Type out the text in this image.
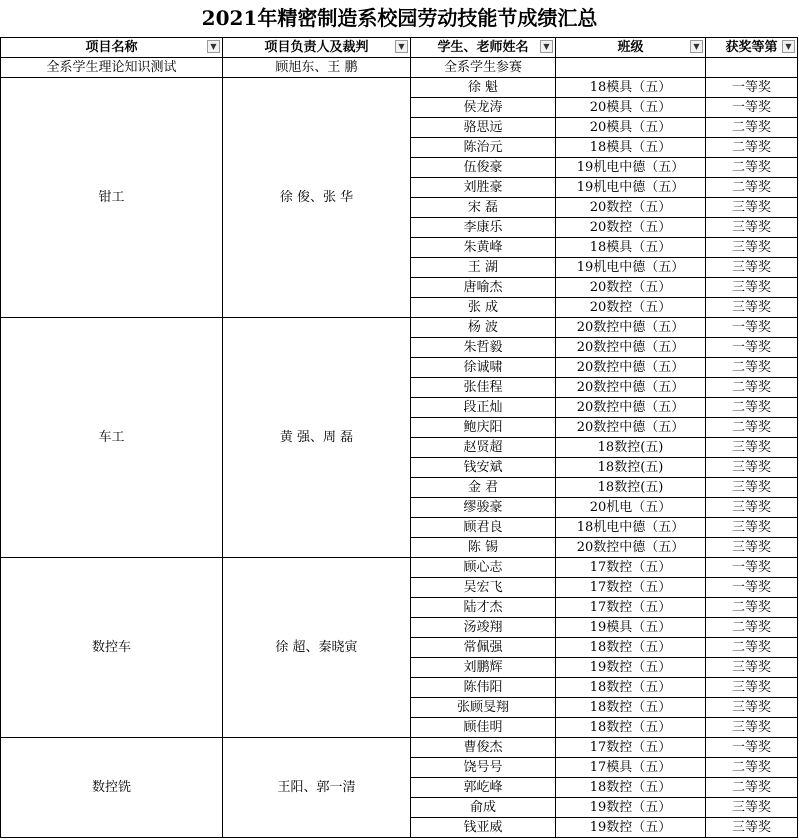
2021年精密制造系校园劳动技能节成绩汇总
项目名称 ▼	项目负责人及裁判 ▼	学生、老师姓名 ▼	班级 ▼	获奖等第 ▼

全系学生理论知识测试	顾旭东、王 鹏	全系学生参赛		
钳工	徐 俊、张 华	徐 魁	18模具（五）	一等奖
		侯龙涛	20模具（五）	一等奖
		骆思远	20模具（五）	二等奖
		陈治元	18模具（五）	二等奖
		伍俊豪	19机电中德（五）	二等奖
		刘胜豪	19机电中德（五）	二等奖
		宋 磊	20数控（五）	三等奖
		李康乐	20数控（五）	三等奖
		朱黄峰	18模具（五）	三等奖
		王 湖	19机电中德（五）	三等奖
		唐喻杰	20数控（五）	三等奖
		张 成	20数控（五）	三等奖
车工	黄 强、周 磊	杨 波	20数控中德（五）	一等奖
		朱哲毅	20数控中德（五）	一等奖
		徐诚啸	20数控中德（五）	二等奖
		张佳程	20数控中德（五）	二等奖
		段正灿	20数控中德（五）	二等奖
		鲍庆阳	20数控中德（五）	二等奖
		赵贤超	18数控(五)	三等奖
		钱安斌	18数控(五)	三等奖
		金 君	18数控(五)	三等奖
		缪骏豪	20机电（五）	三等奖
		顾君良	18机电中德（五）	三等奖
		陈 锡	20数控中德（五）	三等奖
数控车	徐 超、秦晓寅	顾心志	17数控（五）	一等奖
		吴宏飞	17数控（五）	一等奖
		陆才杰	17数控（五）	二等奖
		汤竣翔	19模具（五）	二等奖
		常佩强	18数控（五）	二等奖
		刘鹏辉	19数控（五）	三等奖
		陈伟阳	18数控（五）	三等奖
		张顾旻翔	18数控（五）	三等奖
		顾佳明	18数控（五）	三等奖
数控铣	王阳、郭一清	曹俊杰	17数控（五）	一等奖
		饶号号	17模具（五）	二等奖
		郭屹峰	18数控（五）	二等奖
		俞成	19数控（五）	三等奖
		钱亚威	19数控（五）	三等奖
